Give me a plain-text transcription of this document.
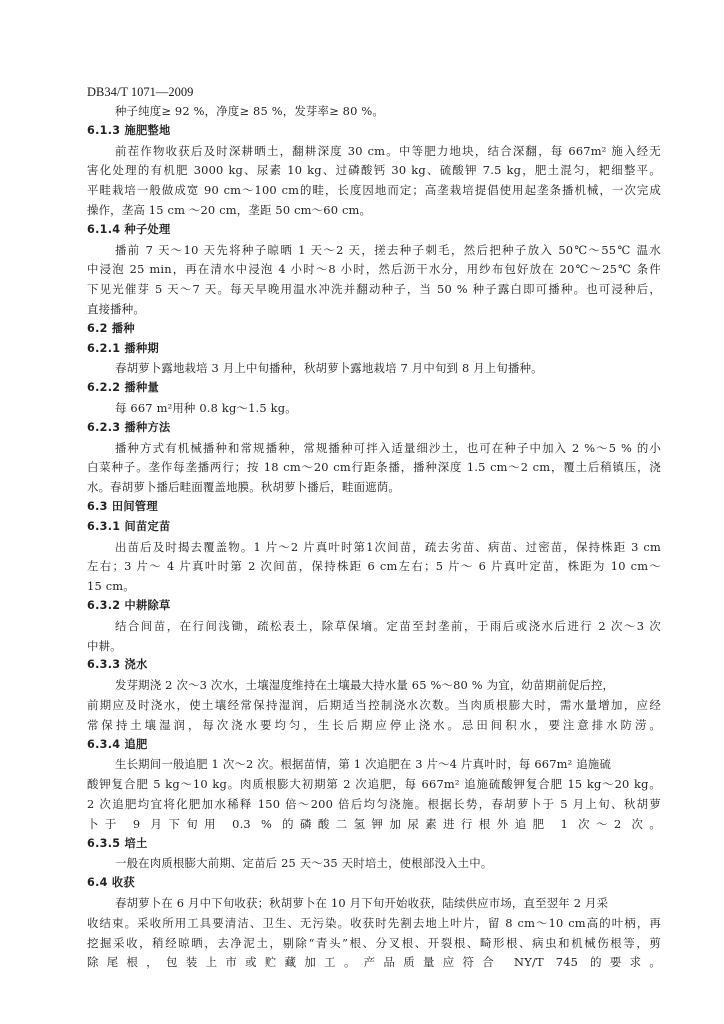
DB34/T 1071—2009
种子纯度≥ 92 %，净度≥ 85 %，发芽率≥ 80 %。
6.1.3 施肥整地
前茬作物收获后及时深耕晒土，翻耕深度 30 cm。中等肥力地块，结合深翻，每 667m² 施入经无
害化处理的有机肥 3000 kg、尿素 10 kg、过磷酸钙 30 kg、硫酸钾 7.5 kg，肥土混匀，耙细整平。
平畦栽培一般做成宽 90 cm～100 cm的畦，长度因地而定；高垄栽培提倡使用起垄条播机械，一次完成
操作，垄高 15 cm ～20 cm，垄距 50 cm～60 cm。
6.1.4 种子处理
播前 7 天～10 天先将种子晾晒 1 天～2 天，搓去种子刺毛，然后把种子放入 50℃～55℃ 温水
中浸泡 25 min，再在清水中浸泡 4 小时～8 小时，然后沥干水分，用纱布包好放在 20℃～25℃ 条件
下见光催芽 5 天～7 天。每天早晚用温水冲洗并翻动种子，当 50 % 种子露白即可播种。也可浸种后，
直接播种。
6.2 播种
6.2.1 播种期
春胡萝卜露地栽培 3 月上中旬播种，秋胡萝卜露地栽培 7 月中旬到 8 月上旬播种。
6.2.2 播种量
每 667 m²用种 0.8 kg～1.5 kg。
6.2.3 播种方法
播种方式有机械播种和常规播种，常规播种可拌入适量细沙土，也可在种子中加入 2 %～5 % 的小
白菜种子。垄作每垄播两行；按 18 cm～20 cm行距条播，播种深度 1.5 cm～2 cm，覆土后稍镇压，浇
水。春胡萝卜播后畦面覆盖地膜。秋胡萝卜播后，畦面遮荫。
6.3 田间管理
6.3.1 间苗定苗
出苗后及时揭去覆盖物。1 片～2 片真叶时第1次间苗，疏去劣苗、病苗、过密苗，保持株距 3 cm
左右；3 片～ 4 片真叶时第 2 次间苗，保持株距 6 cm左右；5 片～ 6 片真叶定苗，株距为 10 cm～
15 cm。
6.3.2 中耕除草
结合间苗，在行间浅锄，疏松表土，除草保墒。定苗至封垄前，于雨后或浇水后进行 2 次～3 次
中耕。
6.3.3 浇水
发芽期浇 2 次～3 次水，土壤湿度维持在土壤最大持水量 65 %～80 % 为宜，幼苗期前促后控，
前期应及时浇水，使土壤经常保持湿润，后期适当控制浇水次数。当肉质根膨大时，需水量增加，应经
常保持土壤湿润，每次浇水要均匀，生长后期应停止浇水。忌田间积水，要注意排水防涝。
6.3.4 追肥
生长期间一般追肥 1 次～2 次。根据苗情，第 1 次追肥在 3 片～4 片真叶时，每 667m² 追施硫
酸钾复合肥 5 kg～10 kg。肉质根膨大初期第 2 次追肥，每 667m² 追施硫酸钾复合肥 15 kg～20 kg。
2 次追肥均宜将化肥加水稀释 150 倍～200 倍后均匀浇施。根据长势，春胡萝卜于 5 月上旬、秋胡萝
卜于 9 月下旬用 0.3 % 的磷酸二氢钾加尿素进行根外追肥 1 次～2 次。
6.3.5 培土
一般在肉质根膨大前期、定苗后 25 天～35 天时培土，使根部没入土中。
6.4 收获
春胡萝卜在 6 月中下旬收获；秋胡萝卜在 10 月下旬开始收获，陆续供应市场，直至翌年 2 月采
收结束。采收所用工具要清洁、卫生、无污染。收获时先割去地上叶片，留 8 cm～10 cm高的叶柄，再
挖掘采收，稍经晾晒，去净泥土，剔除“青头”根、分叉根、开裂根、畸形根、病虫和机械伤根等，剪
除尾根，包装上市或贮藏加工。产品质量应符合 NY/T 745 的要求。
